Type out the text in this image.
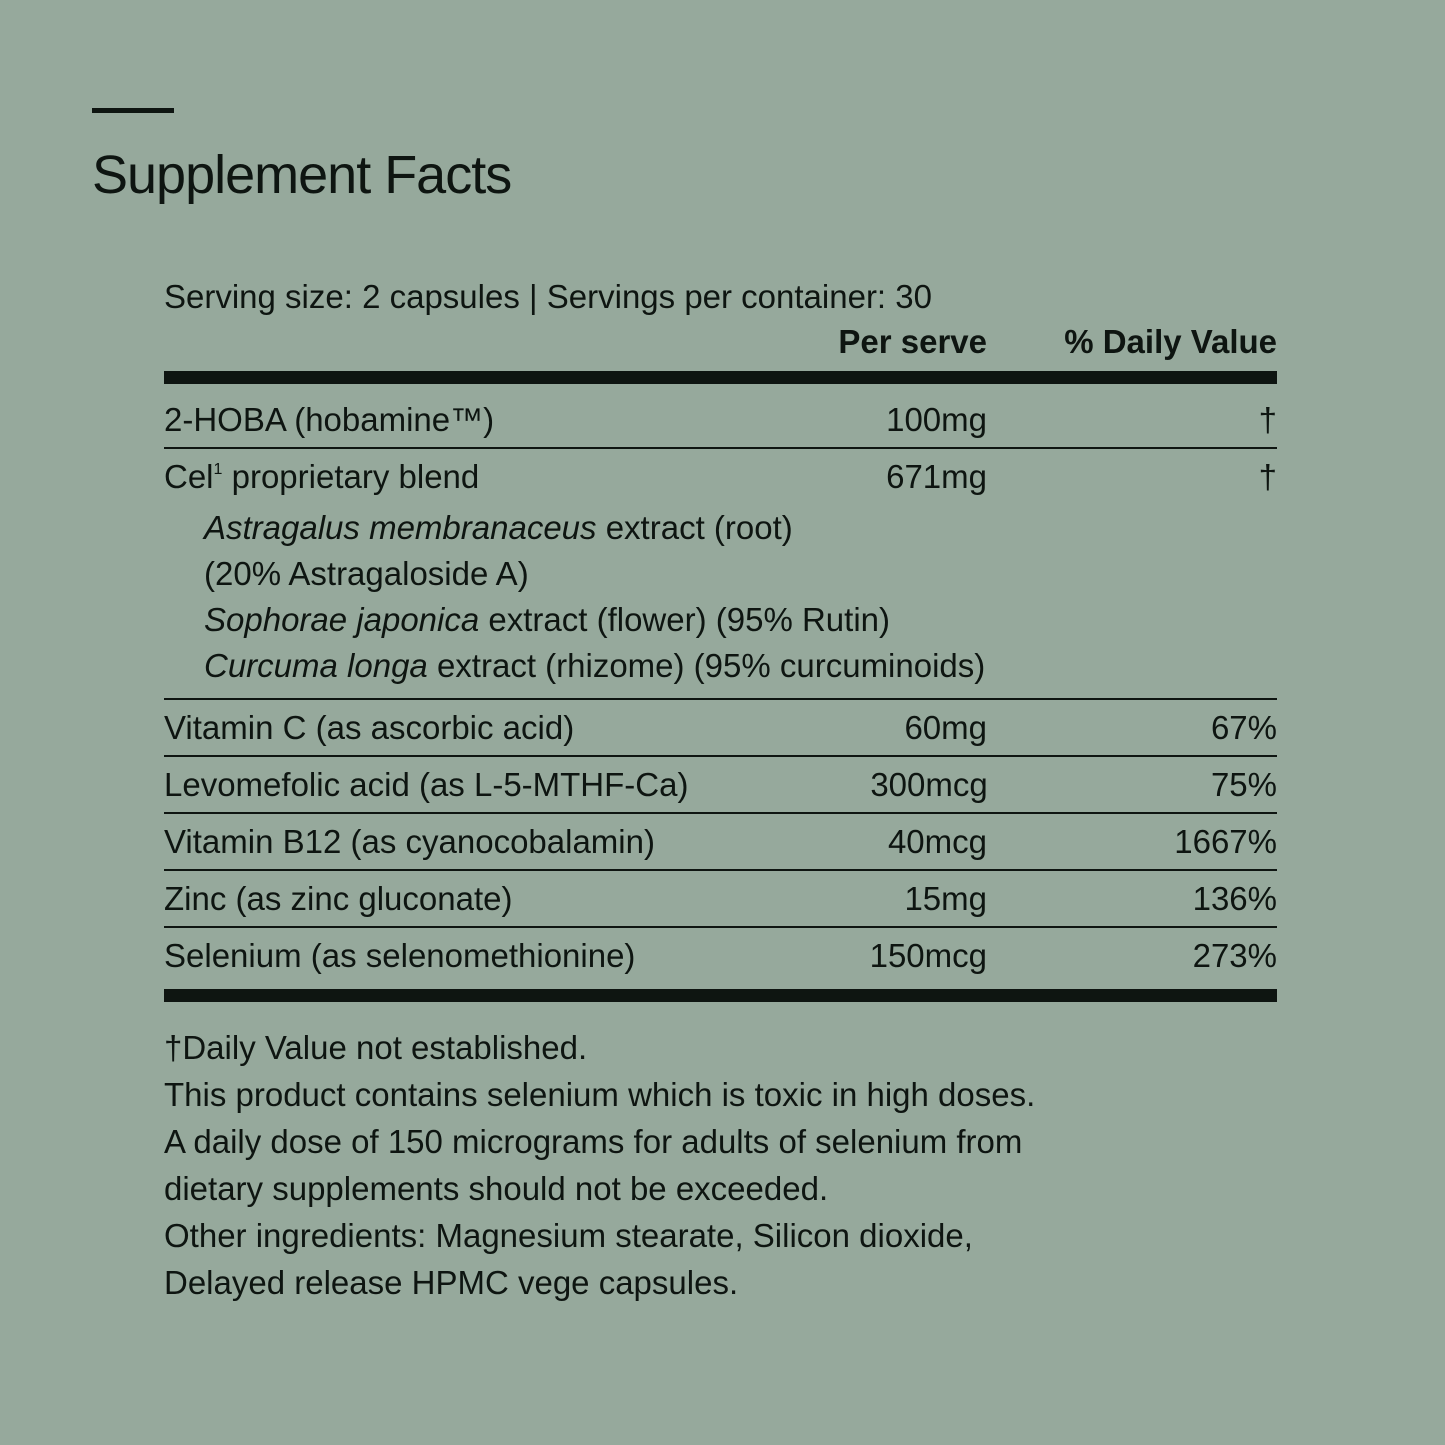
Supplement Facts
Serving size: 2 capsules | Servings per container: 30
Per serve	% Daily Value
2-HOBA (hobamine™)	100mg	†
Cel$^1$ proprietary blend	671mg	†
Astragalus membranaceus extract (root)
(20% Astragaloside A)
Sophorae japonica extract (flower) (95% Rutin)
Curcuma longa extract (rhizome) (95% curcuminoids)
Vitamin C (as ascorbic acid)	60mg	67%
Levomefolic acid (as L-5-MTHF-Ca)	300mcg	75%
Vitamin B12 (as cyanocobalamin)	40mcg	1667%
Zinc (as zinc gluconate)	15mg	136%
Selenium (as selenomethionine)	150mcg	273%
†Daily Value not established.
This product contains selenium which is toxic in high doses.
A daily dose of 150 micrograms for adults of selenium from
dietary supplements should not be exceeded.
Other ingredients: Magnesium stearate, Silicon dioxide,
Delayed release HPMC vege capsules.
